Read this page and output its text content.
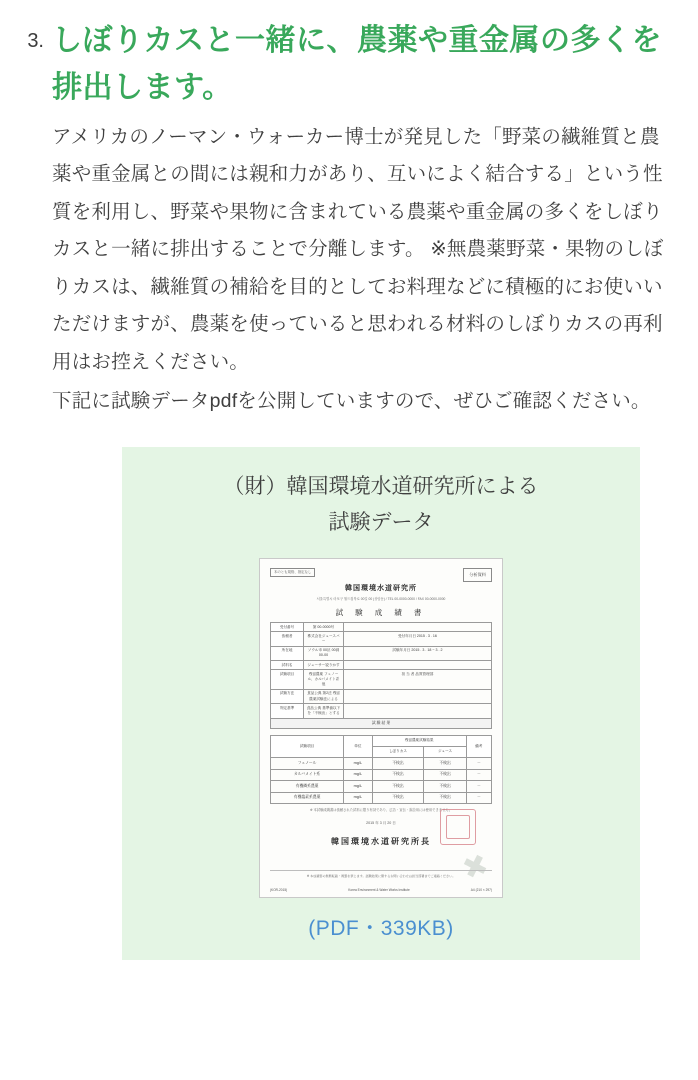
3. しぼりカスと一緒に、農薬や重金属の多くを排出します。

アメリカのノーマン・ウォーカー博士が発見した「野菜の繊維質と農薬や重金属との間には親和力があり、互いによく結合する」という性質を利用し、野菜や果物に含まれている農薬や重金属の多くをしぼりカスと一緒に排出することで分離します。 ※無農薬野菜・果物のしぼりカスは、繊維質の補給を目的としてお料理などに積極的にお使いいただけますが、農薬を使っていると思われる材料のしぼりカスの再利用はお控えください。

下記に試験データpdfを公開していますので、ぜひご確認ください。

（財）韓国環境水道研究所による
試験データ
本のとも規格、指定なし	分析資料
韓国環境水道研究所
서울특별시 마포구 월드컵북로 00길 00 (상암동) / TEL 00-0000-0000 / FAX 00-0000-0000
試 験 成 績 書
受付番号	第 00-0000号	
依頼者	株式会社ジュースバー	受付年月日 2015 . 3 . 16
所在地	ソウル市 00区 00洞 00-00	試験年月日 2015 . 3 . 18 ~ 3 . 2
試料名	ジューサー絞りかす	
試験項目	残留農薬 フェノール、カルバメイト系 他	担 当 者 品質管理部
試験方法	食品公典 第2法 残留農薬試験法による	
判定基準	食品公典 基準値以下を「不検出」とする	
試 験 結 果
試験項目	単位	残留農薬試験結果		備考
		しぼりカス	ジュース	
フェノール	mg/L	不検出	不検出	－
カルバメイト系	mg/L	不検出	不検出	－
有機燐系農薬	mg/L	不検出	不検出	－
有機塩素系農薬	mg/L	不検出	不検出	－
※ 本試験成績書は依頼された試料に限り有効であり、広告・宣伝・訴訟用には使用できません。
2015 年 3 月 20 日
韓国環境水道研究所長
✖
※ 本成績書の無断転載・複製を禁じます。試験結果に関するお問い合わせは担当部署までご連絡ください。
(KOR-2015)	Korea Environment & Water Works Institute	A4 (210 × 297)
(PDF・339KB)
